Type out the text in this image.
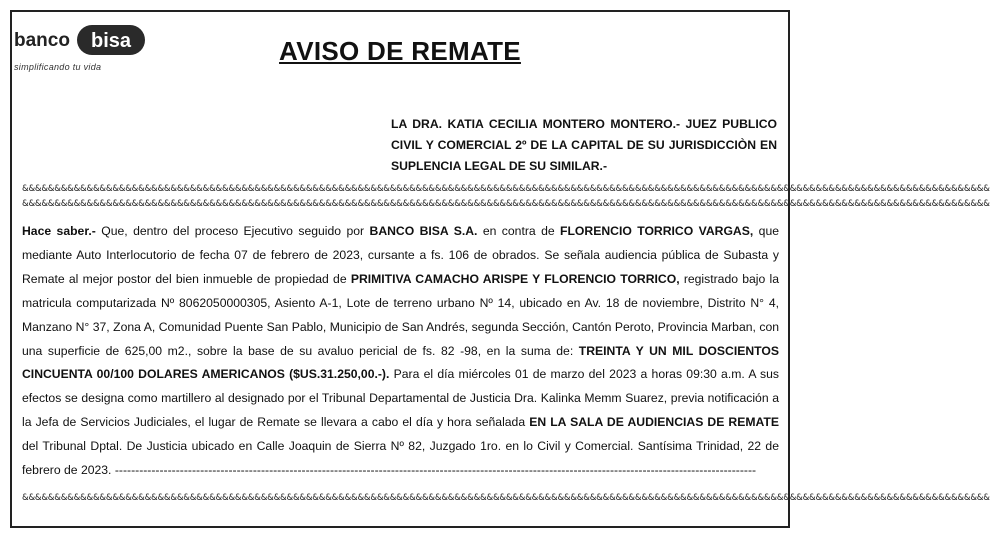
banco bisa
simplificando tu vida
AVISO DE REMATE
LA DRA. KATIA CECILIA MONTERO MONTERO.- JUEZ PUBLICO CIVIL Y COMERCIAL 2º DE LA CAPITAL DE SU JURISDICCIÒN EN SUPLENCIA LEGAL DE SU SIMILAR.-
&&&&&&&&&&&&&&&&&&&&&&&&&&&&&&&&&&&&&&&&&&&&&&&&&&&&&&&&&&&&&&&&&&&&&&&&&&&&&&&&&&&&&&&&&&&&&&&&&&&&&&&&&&&&&&&&&&&&&&&&&&&&&&&&&&&&&&&&&&&&&&&&&&&&&&
&&&&&&&&&&&&&&&&&&&&&&&&&&&&&&&&&&&&&&&&&&&&&&&&&&&&&&&&&&&&&&&&&&&&&&&&&&&&&&&&&&&&&&&&&&&&&&&&&&&&&&&&&&&&&&&&&&&&&&&&&&&&&&&&&&&&&&&&&&&&&&&&&&&&&&
Hace saber.- Que, dentro del proceso Ejecutivo seguido por BANCO BISA S.A. en contra de FLORENCIO TORRICO VARGAS, que mediante Auto Interlocutorio de fecha 07 de febrero de 2023, cursante a fs. 106 de obrados. Se señala audiencia pública de Subasta y Remate al mejor postor del bien inmueble de propiedad de PRIMITIVA CAMACHO ARISPE Y FLORENCIO TORRICO, registrado bajo la matricula computarizada Nº 8062050000305, Asiento A-1, Lote de terreno urbano Nº 14, ubicado en Av. 18 de noviembre, Distrito N° 4, Manzano N° 37, Zona A, Comunidad Puente San Pablo, Municipio de San Andrés, segunda Sección, Cantón Peroto, Provincia Marban, con una superficie de 625,00 m2., sobre la base de su avaluo pericial de fs. 82 -98, en la suma de: TREINTA Y UN MIL DOSCIENTOS CINCUENTA 00/100 DOLARES AMERICANOS ($US.31.250,00.-). Para el día miércoles 01 de marzo del 2023 a horas 09:30 a.m. A sus efectos se designa como martillero al designado por el Tribunal Departamental de Justicia Dra. Kalinka Memm Suarez, previa notificación a la Jefa de Servicios Judiciales, el lugar de Remate se llevara a cabo el día y hora señalada EN LA SALA DE AUDIENCIAS DE REMATE del Tribunal Dptal. De Justicia ubicado en Calle Joaquin de Sierra Nº 82, Juzgado 1ro. en lo Civil y Comercial. Santísima Trinidad, 22 de febrero de 2023. --------------------------------------------------------------------------------------------------------------------------------------------------------------
&&&&&&&&&&&&&&&&&&&&&&&&&&&&&&&&&&&&&&&&&&&&&&&&&&&&&&&&&&&&&&&&&&&&&&&&&&&&&&&&&&&&&&&&&&&&&&&&&&&&&&&&&&&&&&&&&&&&&&&&&&&&&&&&&&&&&&&&&&&&&&&&&&&&&&
